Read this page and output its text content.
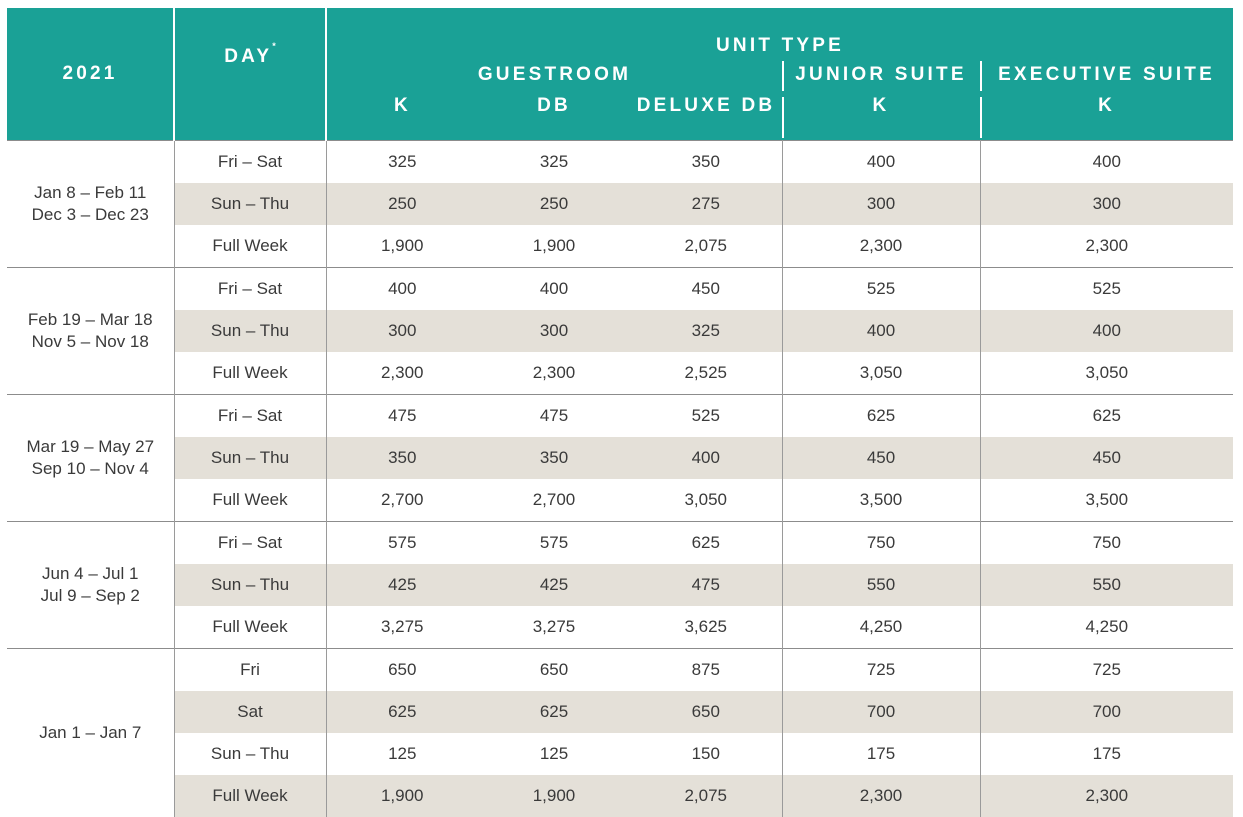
2021	DAY*	UNIT TYPE				
		GUESTROOM			JUNIOR SUITE	EXECUTIVE SUITE
		K	DB	DELUXE DB	K	K

Jan 8 – Feb 11
Dec 3 – Dec 23	Fri – Sat	325	325	350	400	400
	Sun – Thu	250	250	275	300	300
	Full Week	1,900	1,900	2,075	2,300	2,300

Feb 19 – Mar 18
Nov 5 – Nov 18	Fri – Sat	400	400	450	525	525
	Sun – Thu	300	300	325	400	400
	Full Week	2,300	2,300	2,525	3,050	3,050

Mar 19 – May 27
Sep 10 – Nov 4	Fri – Sat	475	475	525	625	625
	Sun – Thu	350	350	400	450	450
	Full Week	2,700	2,700	3,050	3,500	3,500

Jun 4 – Jul 1
Jul 9 – Sep 2	Fri – Sat	575	575	625	750	750
	Sun – Thu	425	425	475	550	550
	Full Week	3,275	3,275	3,625	4,250	4,250

Jan 1 – Jan 7	Fri	650	650	875	725	725
	Sat	625	625	650	700	700
	Sun – Thu	125	125	150	175	175
	Full Week	1,900	1,900	2,075	2,300	2,300
